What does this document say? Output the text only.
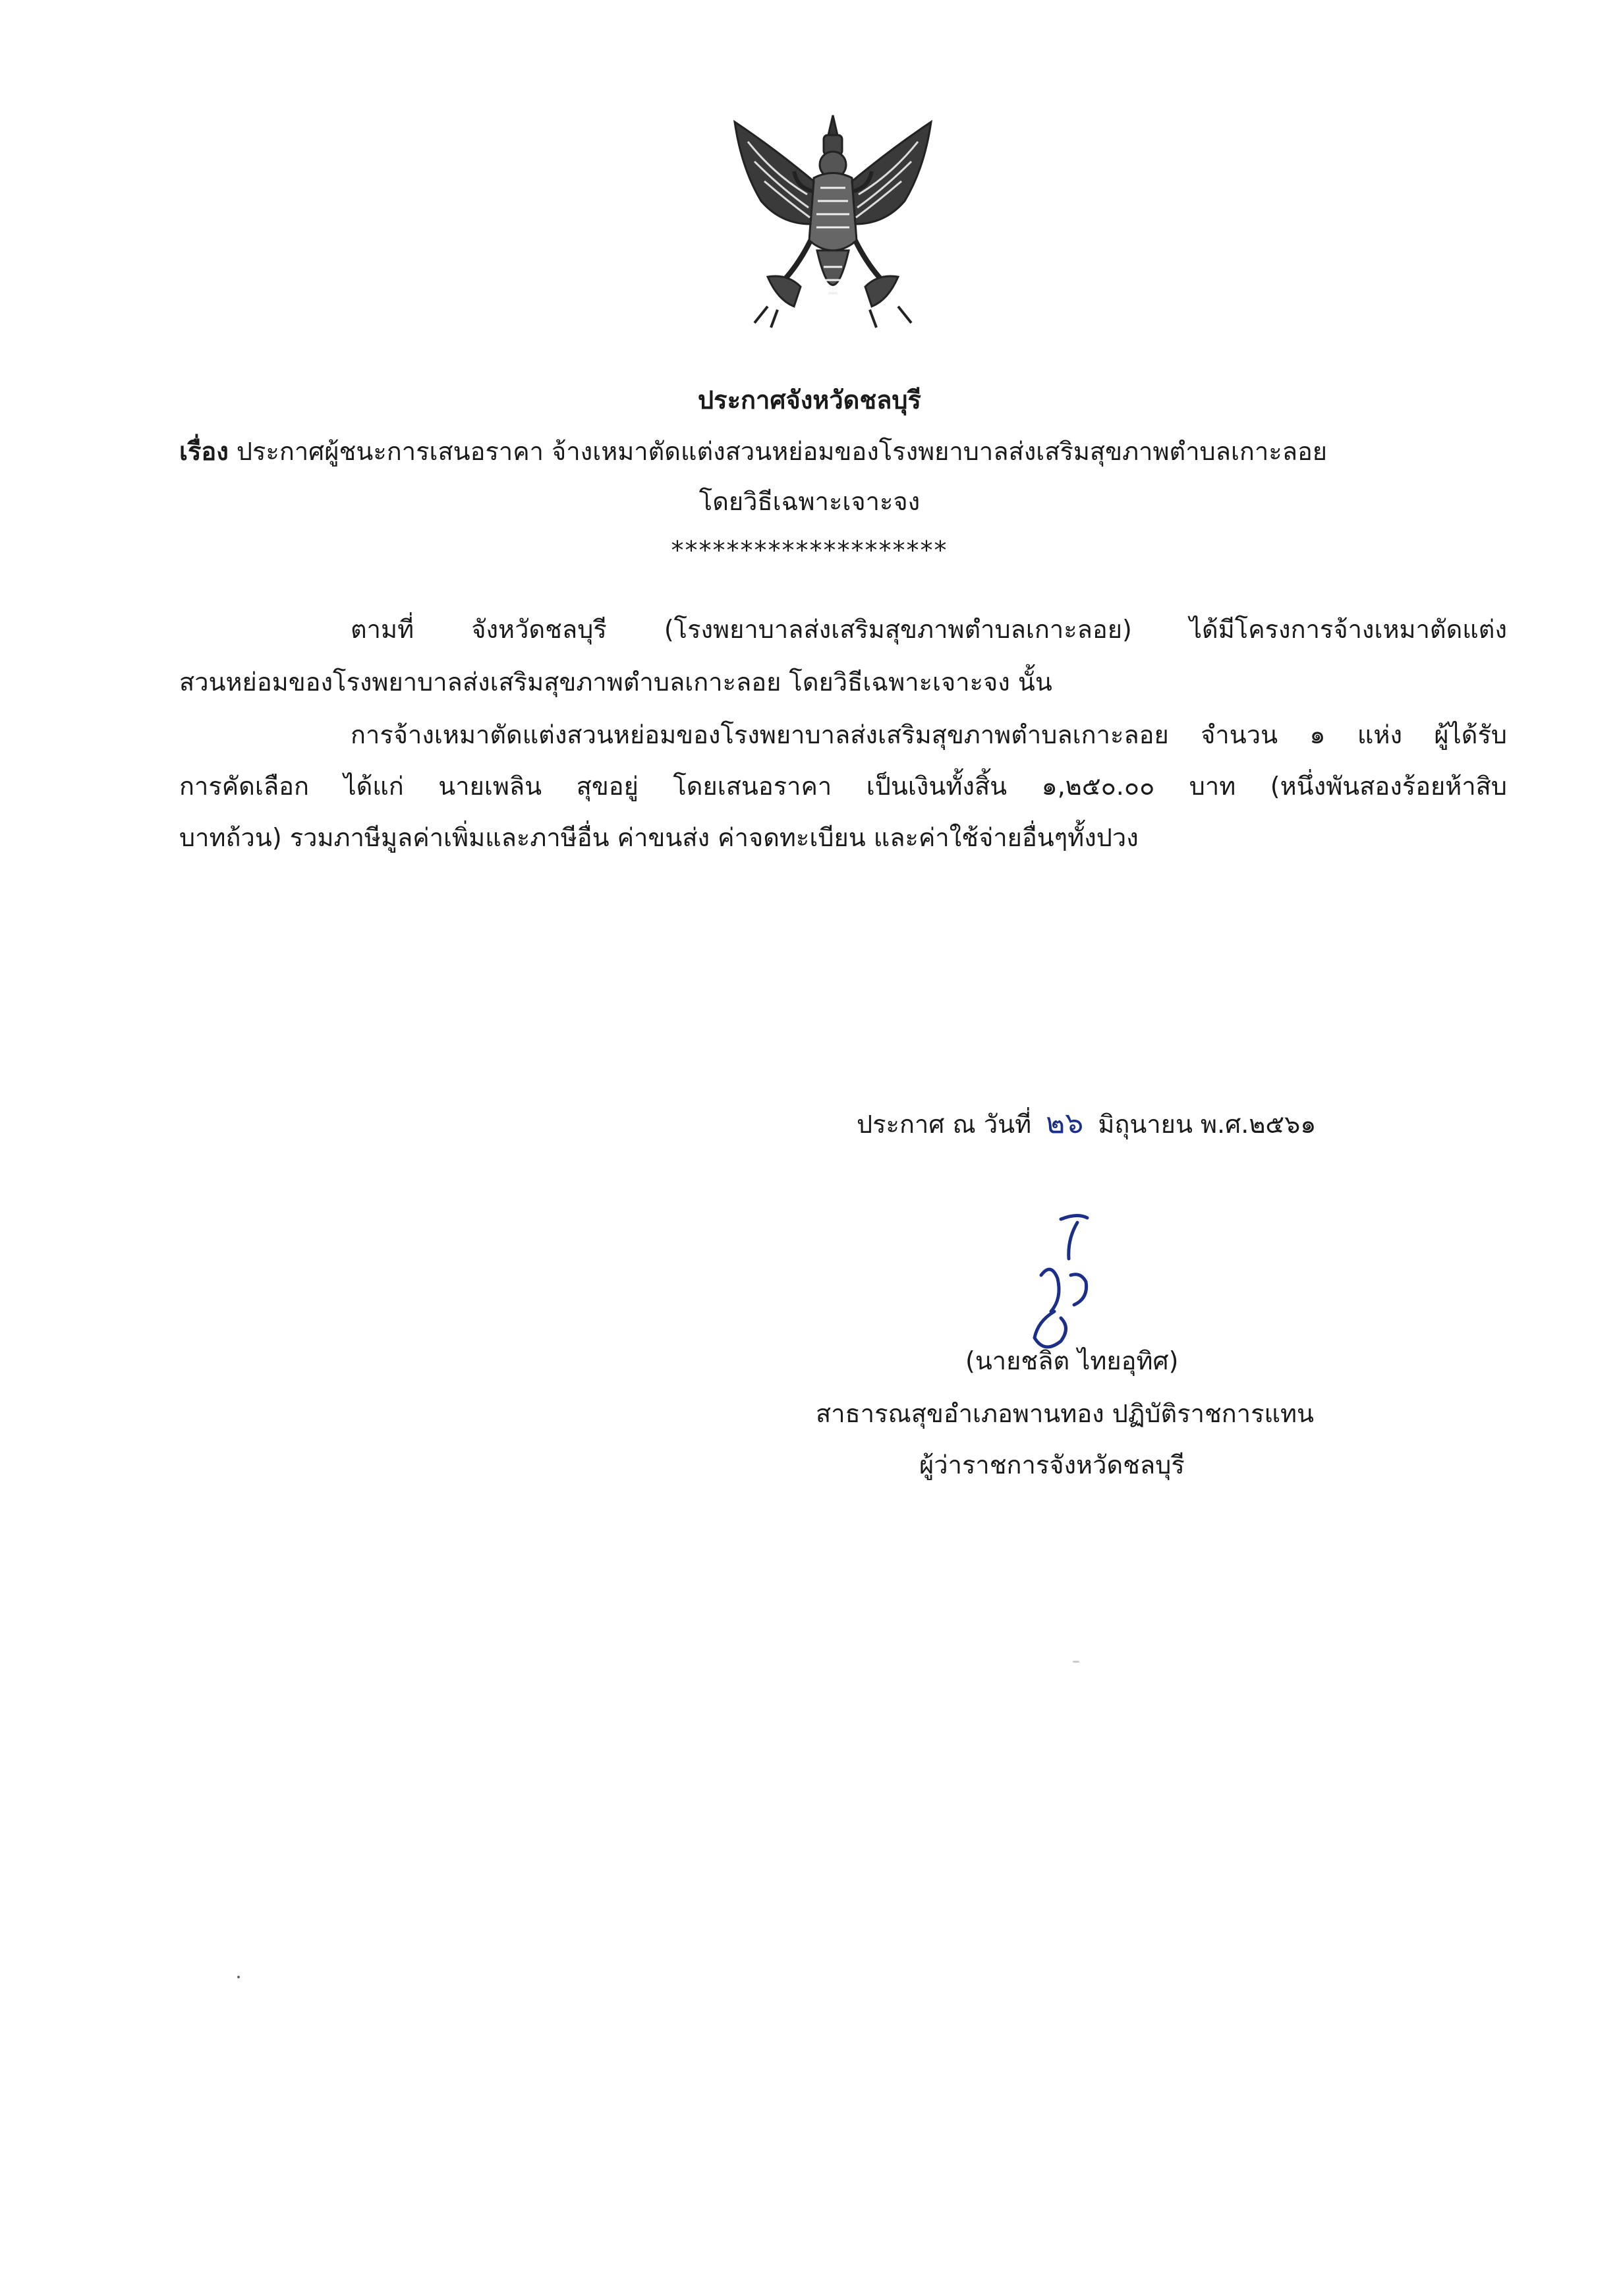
ประกาศจังหวัดชลบุรี
เรื่อง ประกาศผู้ชนะการเสนอราคา จ้างเหมาตัดแต่งสวนหย่อมของโรงพยาบาลส่งเสริมสุขภาพตำบลเกาะลอย
โดยวิธีเฉพาะเจาะจง
********************
ตามที่ จังหวัดชลบุรี (โรงพยาบาลส่งเสริมสุขภาพตำบลเกาะลอย) ได้มีโครงการจ้างเหมาตัดแต่ง
สวนหย่อมของโรงพยาบาลส่งเสริมสุขภาพตำบลเกาะลอย โดยวิธีเฉพาะเจาะจง นั้น
การจ้างเหมาตัดแต่งสวนหย่อมของโรงพยาบาลส่งเสริมสุขภาพตำบลเกาะลอย จำนวน ๑ แห่ง ผู้ได้รับ
การคัดเลือก ได้แก่ นายเพลิน สุขอยู่ โดยเสนอราคา เป็นเงินทั้งสิ้น ๑,๒๕๐.๐๐ บาท (หนึ่งพันสองร้อยห้าสิบ
บาทถ้วน) รวมภาษีมูลค่าเพิ่มและภาษีอื่น ค่าขนส่ง ค่าจดทะเบียน และค่าใช้จ่ายอื่นๆทั้งปวง
ประกาศ ณ วันที่ ๒๖ มิถุนายน พ.ศ.๒๕๖๑
(นายชลิต ไทยอุทิศ)
สาธารณสุขอำเภอพานทอง ปฏิบัติราชการแทน
ผู้ว่าราชการจังหวัดชลบุรี
